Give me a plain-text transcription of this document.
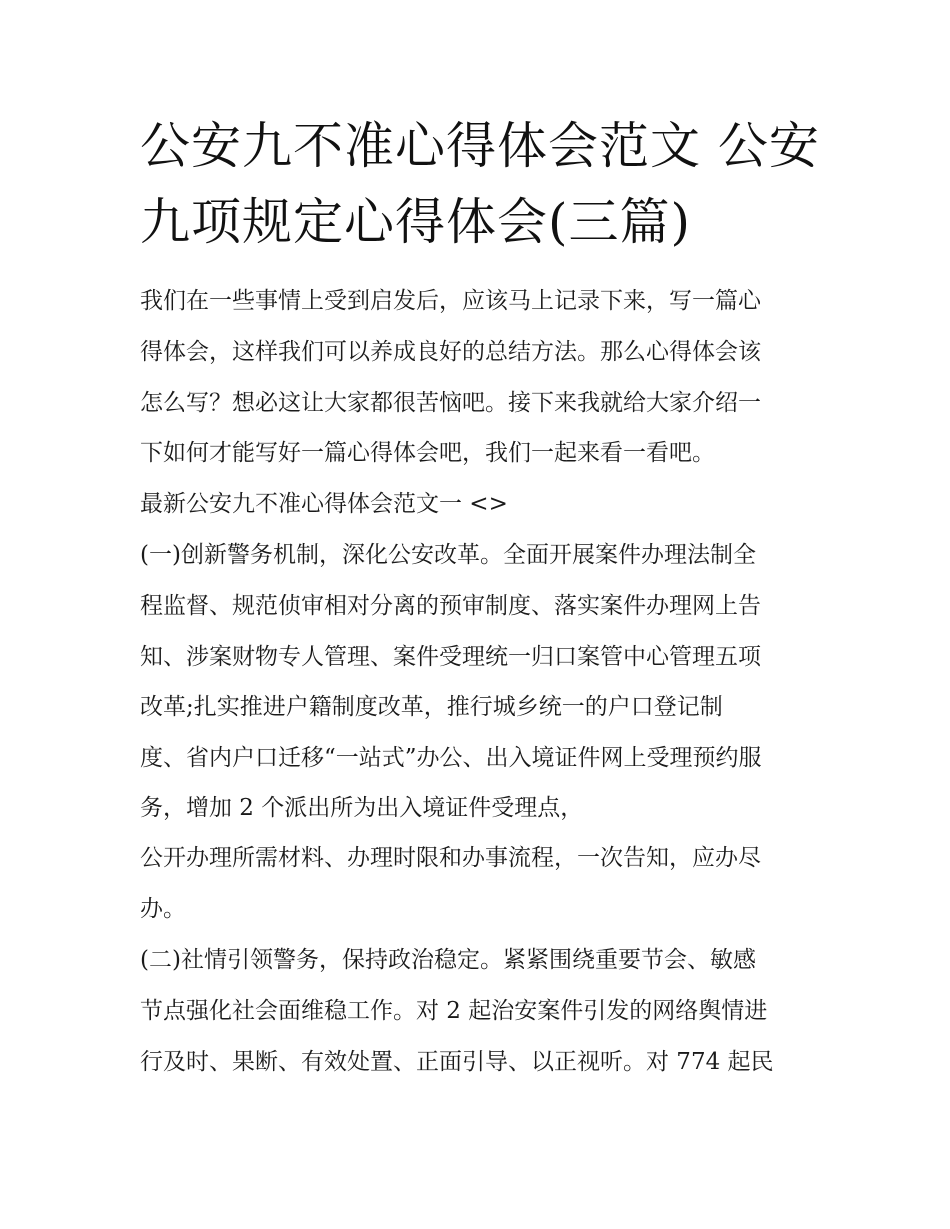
公安九不准心得体会范文 公安
九项规定心得体会(三篇)
我们在一些事情上受到启发后，应该马上记录下来，写一篇心
得体会，这样我们可以养成良好的总结方法。那么心得体会该
怎么写？想必这让大家都很苦恼吧。接下来我就给大家介绍一
下如何才能写好一篇心得体会吧，我们一起来看一看吧。
最新公安九不准心得体会范文一 <>
(一)创新警务机制，深化公安改革。全面开展案件办理法制全
程监督、规范侦审相对分离的预审制度、落实案件办理网上告
知、涉案财物专人管理、案件受理统一归口案管中心管理五项
改革;扎实推进户籍制度改革，推行城乡统一的户口登记制
度、省内户口迁移“一站式”办公、出入境证件网上受理预约服
务，增加 2 个派出所为出入境证件受理点，
公开办理所需材料、办理时限和办事流程，一次告知，应办尽
办。
(二)社情引领警务，保持政治稳定。紧紧围绕重要节会、敏感
节点强化社会面维稳工作。对 2 起治安案件引发的网络舆情进
行及时、果断、有效处置、正面引导、以正视听。对 774 起民
